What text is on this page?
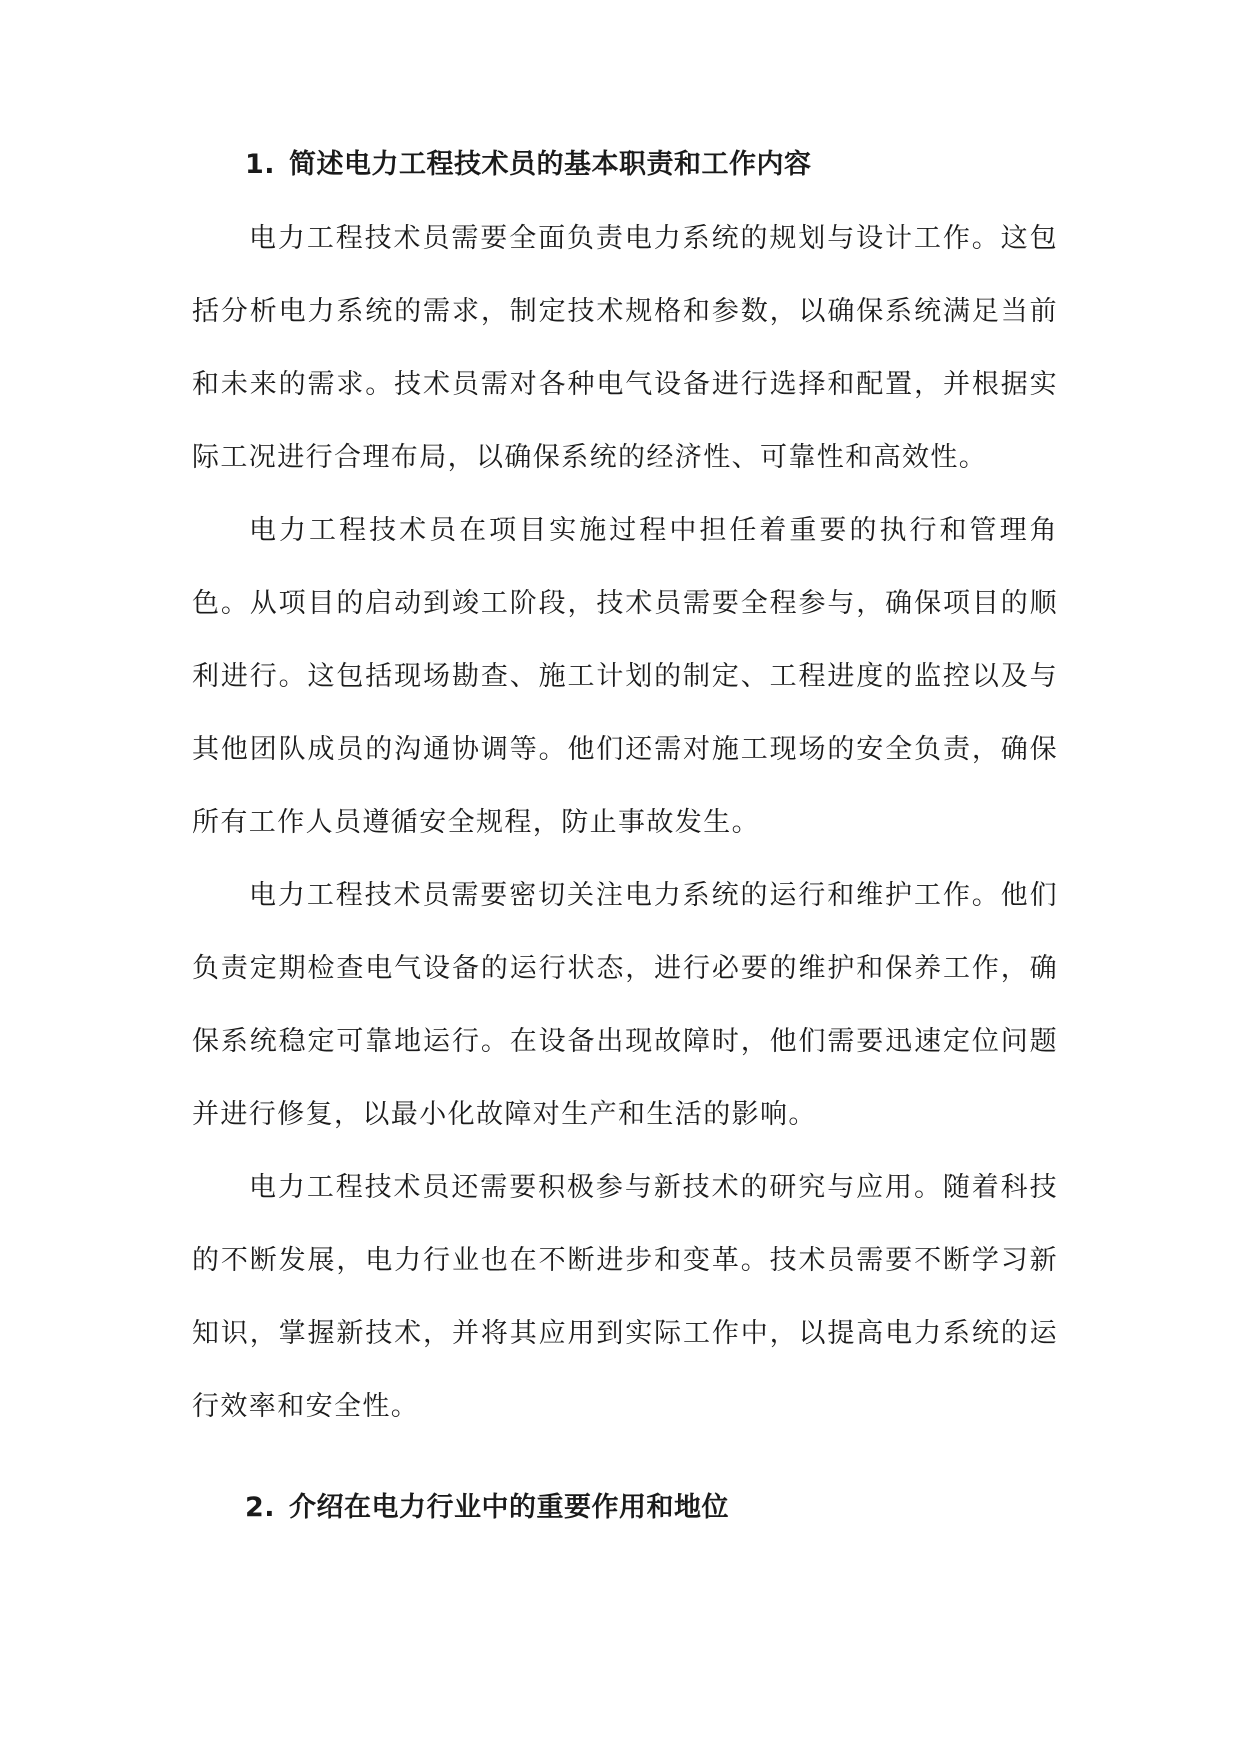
1. 简述电力工程技术员的基本职责和工作内容

电力工程技术员需要全面负责电力系统的规划与设计工作。这包括分析电力系统的需求，制定技术规格和参数，以确保系统满足当前和未来的需求。技术员需对各种电气设备进行选择和配置，并根据实际工况进行合理布局，以确保系统的经济性、可靠性和高效性。

电力工程技术员在项目实施过程中担任着重要的执行和管理角色。从项目的启动到竣工阶段，技术员需要全程参与，确保项目的顺利进行。这包括现场勘查、施工计划的制定、工程进度的监控以及与其他团队成员的沟通协调等。他们还需对施工现场的安全负责，确保所有工作人员遵循安全规程，防止事故发生。

电力工程技术员需要密切关注电力系统的运行和维护工作。他们负责定期检查电气设备的运行状态，进行必要的维护和保养工作，确保系统稳定可靠地运行。在设备出现故障时，他们需要迅速定位问题并进行修复，以最小化故障对生产和生活的影响。

电力工程技术员还需要积极参与新技术的研究与应用。随着科技的不断发展，电力行业也在不断进步和变革。技术员需要不断学习新知识，掌握新技术，并将其应用到实际工作中，以提高电力系统的运行效率和安全性。

2. 介绍在电力行业中的重要作用和地位
